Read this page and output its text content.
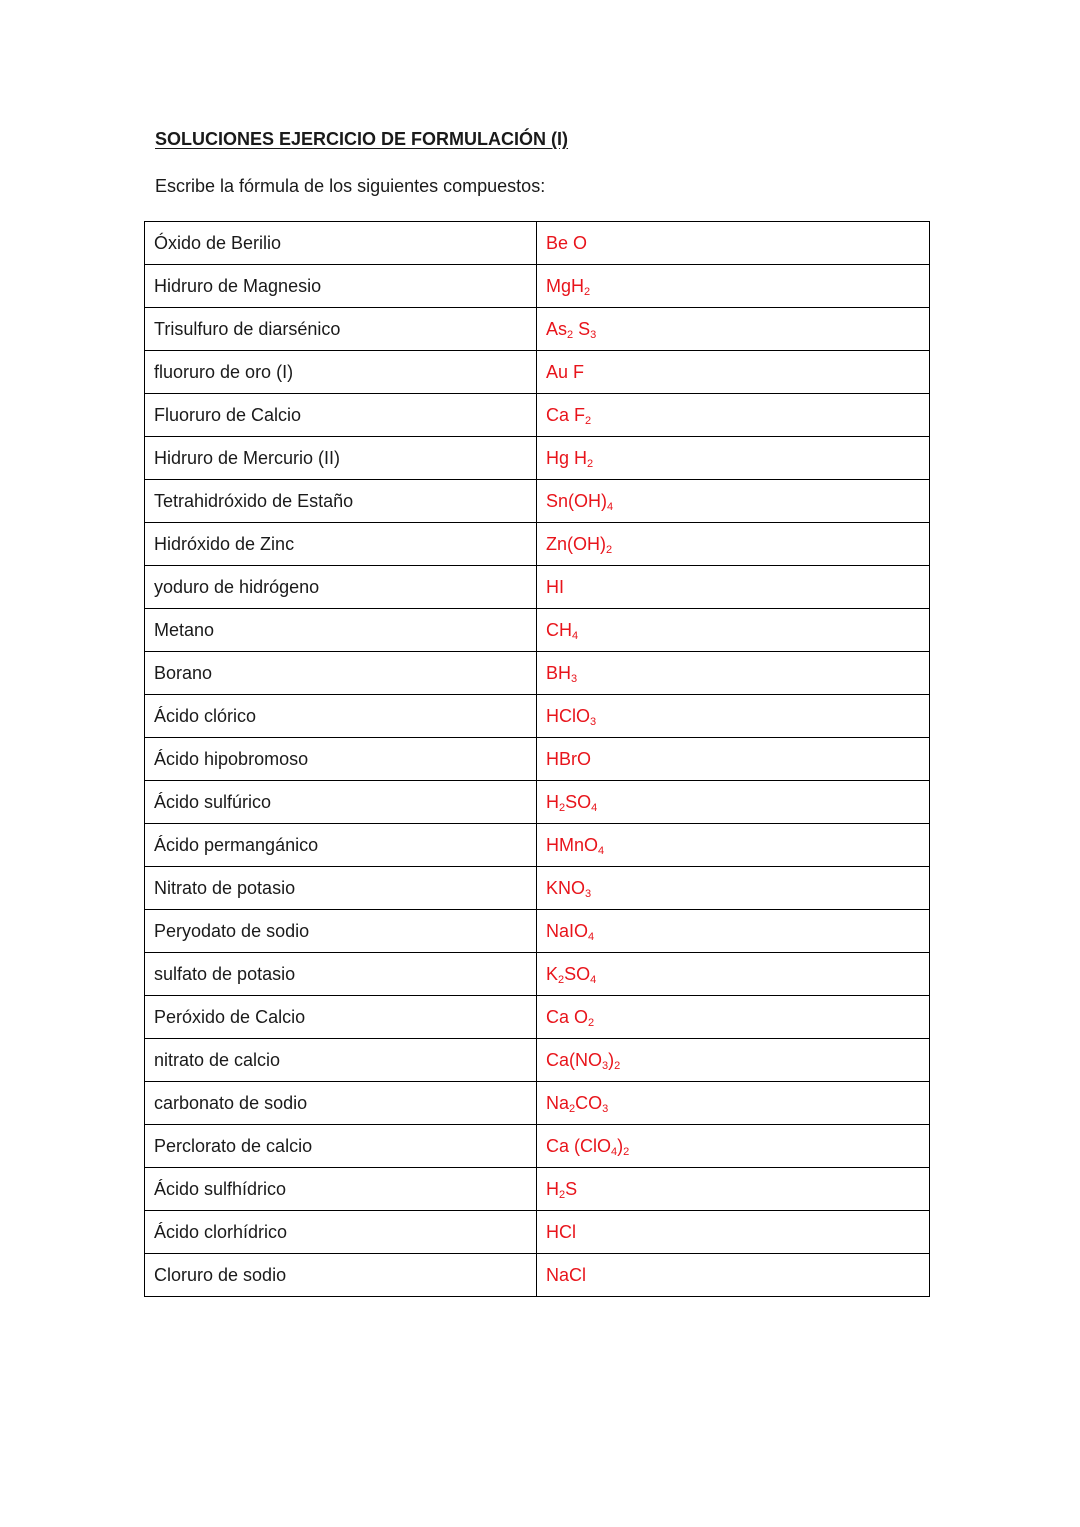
SOLUCIONES EJERCICIO DE FORMULACIÓN (I)
Escribe la fórmula de los siguientes compuestos:
Óxido de Berilio	Be O
Hidruro de Magnesio	MgH$_2$
Trisulfuro de diarsénico	$As_2$ $S_3$
fluoruro de oro (I)	Au F
Fluoruro de Calcio	Ca $F_2$
Hidruro de Mercurio (II)	Hg $H_2$
Tetrahidróxido de Estaño	$Sn(OH)_4$
Hidróxido de Zinc	$Zn(OH)_2$
yoduro de hidrógeno	HI
Metano	$CH_4$
Borano	$BH_3$
Ácido clórico	HClO$_3$
Ácido hipobromoso	HBrO
Ácido sulfúrico	$H_2SO_4$
Ácido permangánico	HMnO$_4$
Nitrato de potasio	$KNO_3$
Peryodato de sodio	NaIO$_4$
sulfato de potasio	$K_2SO_4$
Peróxido de Calcio	Ca $O_2$
nitrato de calcio	$Ca(NO_3)_2$
carbonato de sodio	$Na_2CO_3$
Perclorato de calcio	Ca $(ClO_4)_2$
Ácido sulfhídrico	$H_2S$
Ácido clorhídrico	HCl
Cloruro de sodio	NaCl
